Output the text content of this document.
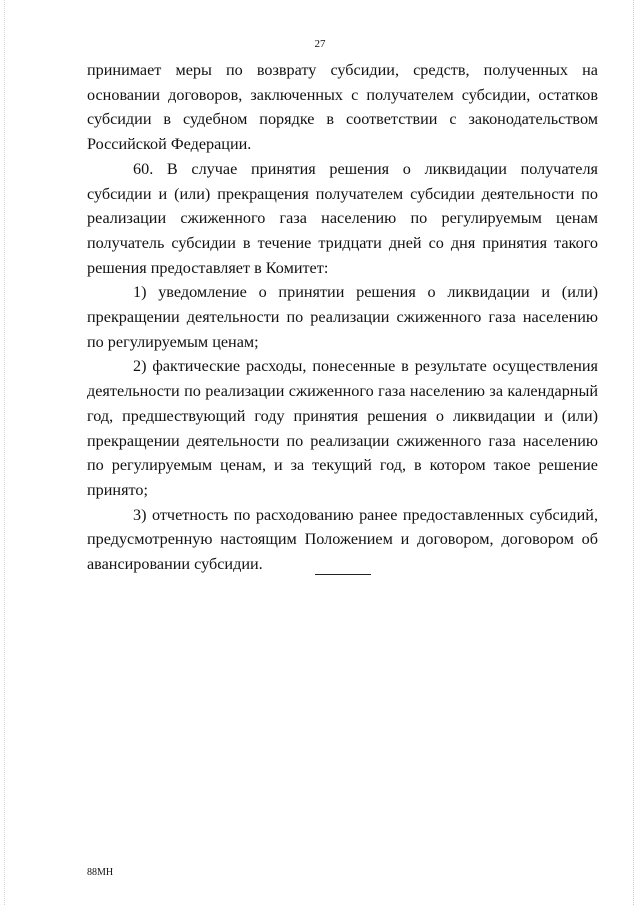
27

принимает меры по возврату субсидии, средств, полученных на основании договоров, заключенных с получателем субсидии, остатков субсидии в судебном порядке в соответствии с законодательством Российской Федерации.

60. В случае принятия решения о ликвидации получателя субсидии и (или) прекращения получателем субсидии деятельности по реализации сжиженного газа населению по регулируемым ценам получатель субсидии в течение тридцати дней со дня принятия такого решения предоставляет в Комитет:

1) уведомление о принятии решения о ликвидации и (или) прекращении деятельности по реализации сжиженного газа населению по регулируемым ценам;

2) фактические расходы, понесенные в результате осуществления деятельности по реализации сжиженного газа населению за календарный год, предшествующий году принятия решения о ликвидации и (или) прекращении деятельности по реализации сжиженного газа населению по регулируемым ценам, и за текущий год, в котором такое решение принято;

3) отчетность по расходованию ранее предоставленных субсидий, предусмотренную настоящим Положением и договором, договором об авансировании субсидии.

88МН
